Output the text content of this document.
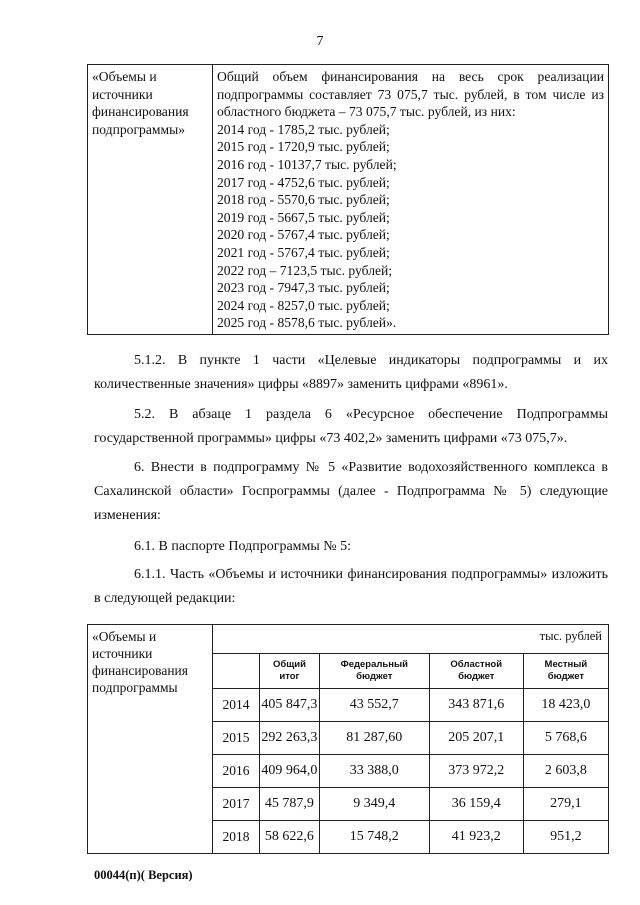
7
«Объемы и
источники
финансирования
подпрограммы»	Общий объем финансирования на весь срок реализации подпрограммы составляет 73 075,7 тыс. рублей, в том числе из областного бюджета – 73 075,7 тыс. рублей, из них:
2014 год - 1785,2 тыс. рублей;
2015 год - 1720,9 тыс. рублей;
2016 год - 10137,7 тыс. рублей;
2017 год - 4752,6 тыс. рублей;
2018 год - 5570,6 тыс. рублей;
2019 год - 5667,5 тыс. рублей;
2020 год - 5767,4 тыс. рублей;
2021 год - 5767,4 тыс. рублей;
2022 год – 7123,5 тыс. рублей;
2023 год - 7947,3 тыс. рублей;
2024 год - 8257,0 тыс. рублей;
2025 год - 8578,6 тыс. рублей».

5.1.2. В пункте 1 части «Целевые индикаторы подпрограммы и их количественные значения» цифры «8897» заменить цифрами «8961».

5.2. В абзаце 1 раздела 6 «Ресурсное обеспечение Подпрограммы государственной программы» цифры «73 402,2» заменить цифрами «73 075,7».

6. Внести в подпрограмму № 5 «Развитие водохозяйственного комплекса в Сахалинской области» Госпрограммы (далее - Подпрограмма № 5) следующие изменения:

6.1. В паспорте Подпрограммы № 5:

6.1.1. Часть «Объемы и источники финансирования подпрограммы» изложить в следующей редакции:

«Объемы и
источники
финансирования
подпрограммы	тыс. рублей				
		Общий итог	Федеральный бюджет	Областной бюджет	Местный бюджет
	2014	405 847,3	43 552,7	343 871,6	18 423,0
	2015	292 263,3	81 287,60	205 207,1	5 768,6
	2016	409 964,0	33 388,0	373 972,2	2 603,8
	2017	45 787,9	9 349,4	36 159,4	279,1
	2018	58 622,6	15 748,2	41 923,2	951,2
00044(п)( Версия)
